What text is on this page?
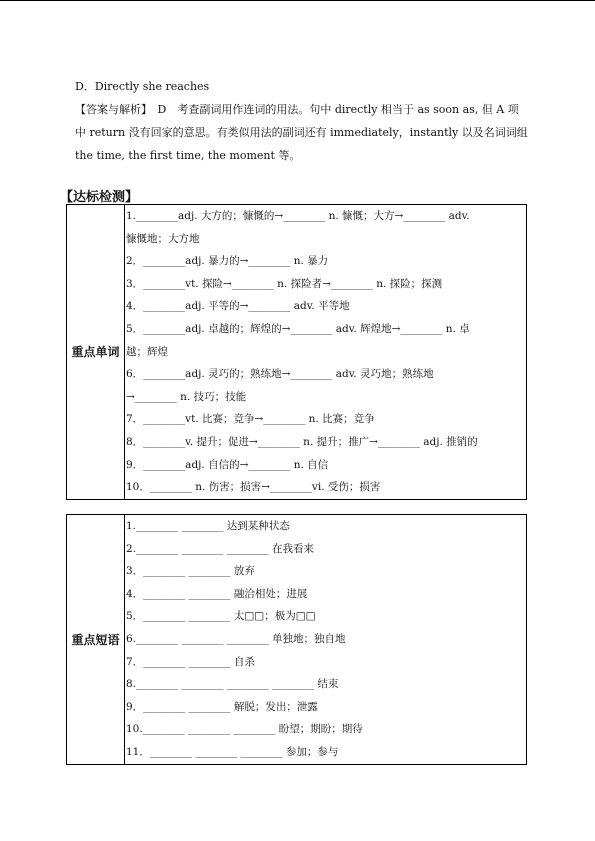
D．Directly she reaches
【答案与解析】　D　考查副词用作连词的用法。句中 directly 相当于 as soon as, 但 A 项
中 return 没有回家的意思。有类似用法的副词还有 immediately，instantly 以及名词词组
the time, the first time, the moment 等。
【达标检测】
重点单词	
1.________adj. 大方的；慷慨的→________ n. 慷慨；大方→________ adv.
慷慨地；大方地
2．________adj. 暴力的→________ n. 暴力
3．________vt. 探险→________ n. 探险者→________ n. 探险；探测
4．________adj. 平等的→________ adv. 平等地
5．________adj. 卓越的；辉煌的→________ adv. 辉煌地→________ n. 卓
越；辉煌
6．________adj. 灵巧的；熟练地→________ adv. 灵巧地；熟练地
→________ n. 技巧；技能
7．________vt. 比赛；竞争→________ n. 比赛；竞争
8．________v. 提升；促进→________ n. 提升；推广→________ adj. 推销的
9．________adj. 自信的→________ n. 自信
10．________ n. 伤害；损害→________vi. 受伤；损害
重点短语	
1.________ ________ 达到某种状态
2.________ ________ ________ 在我看来
3．________ ________ 放弃
4．________ ________ 融洽相处；进展
5．________ ________ 太□□；极为□□
6.________ ________ ________ 单独地；独自地
7．________ ________ 自杀
8.________ ________ ________ ________ 结束
9．________ ________ 解脱；发出；泄露
10.________ ________ ________ 盼望；期盼；期待
11．________ ________ ________ 参加；参与
